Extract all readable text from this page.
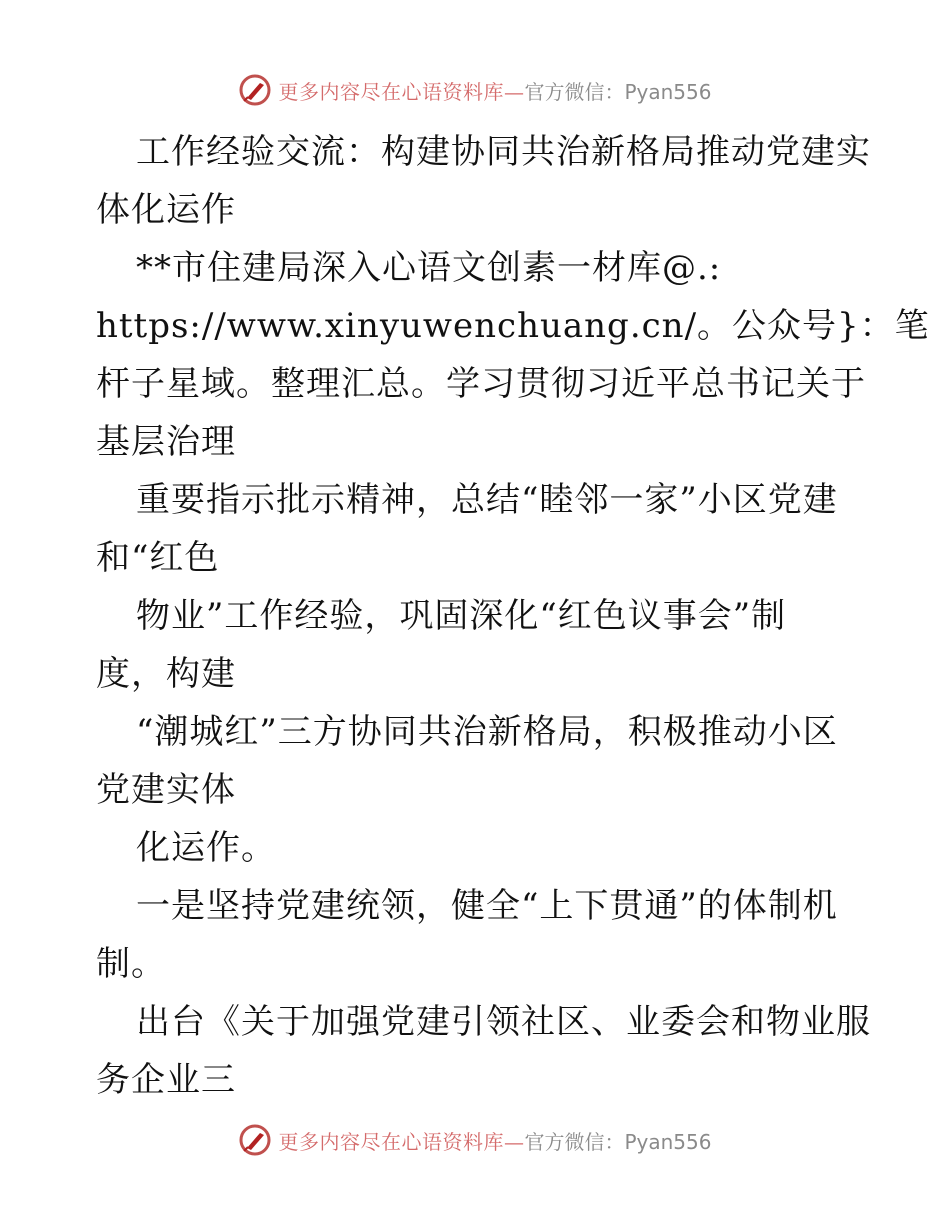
更多内容尽在心语资料库— 官方微信：Pyan556
工作经验交流：构建协同共治新格局推动党建实
体化运作
**市住建局深入心语文创素一材库@.:
https://www.xinyuwenchuang.cn/。公众号}：笔
杆子星域。整理汇总。学习贯彻习近平总书记关于
基层治理
重要指示批示精神，总结“睦邻一家”小区党建
和“红色
物业”工作经验，巩固深化“红色议事会”制
度，构建
“潮城红”三方协同共治新格局，积极推动小区
党建实体
化运作。
一是坚持党建统领，健全“上下贯通”的体制机
制。
出台《关于加强党建引领社区、业委会和物业服
务企业三
更多内容尽在心语资料库— 官方微信：Pyan556
